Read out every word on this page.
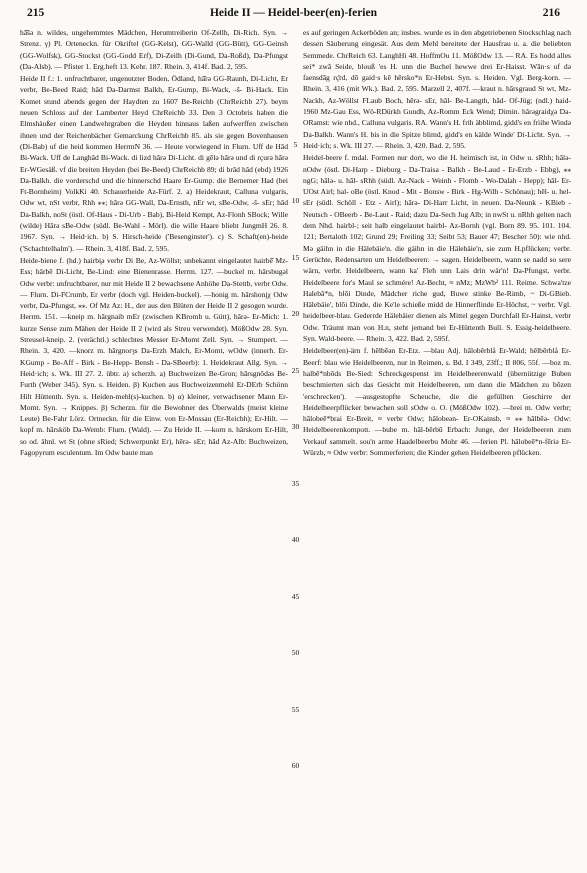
215	Heide II — Heidel-beer(en)-ferien	216

hā̆ŝə n. wildes, ungehemmtes Mädchen, Herumtreiberin Of-Zellh, Di-Rich. Syn. → Strenz. γ) Pl. Orteneckn. für Okriftel (GG-Kelst), GG-Walld (GG-Bütt), GG-Geinsh (GG-Wolfsk), GG-Stockst (GG-Godd Erf), Di-Zeilh (Di-Gund, Da-Roßd), Da-Pfungst (Da-Alsb). — Pfister 1. Erg.heft 13. Kehr. 187. Rhein. 3, 414f. Bad. 2, 595.

Heide II f.: 1. unfruchtbarer, ungenutzter Boden, Ödland, hā̆rə GG-Raunh, Di-Licht, Er verbr, Be-Beed Raid; hād Da-Darmst Balkh, Er-Gump, Bi-Wack, -ŝ- Bi-Hack. Ein Komet stund abends gegen der Haydten zu 1607 Be-Reichb (ChrReichb 27). beym neuen Schloss auf der Lamberter Heyd ChrReichb 33. Den 3 Octobris haben die Elmshäußer einen Landwehrgraben die Heyden hinnaus laßen aufwerffen zwischen ihnen und der Reichenbächer Gemarckung ChrReichb 85. als sie gegen Bovenhausen (Di-Bab) uf die heid kommen HerrmN 36. — Heute vorwiegend in Flurn. Uff de Hād Bi-Wack. Uff de Langhād Bi-Wack. di lizd hārə Di-Licht. di gēlə hārə und di rçurə hārə Er-WGesäß. vf die breiten Heyden (bei Be-Beed) ChrReichb 89; di brād hād (ebd) 1926 Da-Balkh. die vorderschd und die hinnerschd Haare Er-Gump. die Bernemer Had (bei Ft-Bornheim) VolkKi 40. Schauerheide Az-Fürf. 2. a) Heidekraut, Calluna vulgaris, Odw wt, nSt verbr, Rhh ⁎⁎; hārə GG-Wall, Da-Ernsth, nEr wt, sBe-Odw, -ŝ- sEr; hād Da-Balkh, noSt (östl. Of-Haus - Di-Urb - Bab), Bi-Heid Kempt, Az-Flonh SBock; Wille (wilde) Hārə sBe-Odw (südl. Be-Wahl - Mörl). die wille Haare blieht JungmH 26. 8. 1967. Syn. → Heid·ich. b) S. Hirsch-heide ('Besenginster'). c) S. Schaft(en)-heide ('Schachtelhalm'). — Rhein. 3, 418f. Bad. 2, 595.

Heide-biene f. (hd.) hairbi̯ə verbr Di Be, Az-Wöllst; unbekannt eingelautet hairbē̆ Mz-Ess; hārbē Di-Licht, Be-Lind: eine Bienenrasse. Herrm. 127. —buckel m. hārsbugəl Odw verbr: unfruchtbarer, nur mit Heide II 2 bewachsene Anhöhe Da-Stettb, verbr Odw. — Flurn. Di-FCrumb, Er verbr (doch vgl. Heiden-buckel). —honig m. hārshonįχ Odw verbr, Da-Pfungst, ⁎⁎. Of Mz Az: H., der aus den Blüten der Heide II 2 gesogen wurde. Herrm. 151. —kneip m. hārgnaib mEr (zwischen KBromb u. Gütt), hārə- Er-Mich: 1. kurze Sense zum Mähen der Heide II 2 (wird als Streu verwendet). MößOdw 28. Syn. Streusel-kneip. 2. (verächtl.) schlechtes Messer Er-Momt Zell. Syn. → Stumpert. — Rhein. 3, 420. —knorz m. hārgnorȝs Da-Erzh Malch, Er-Momt, wOdw (innerh. Er-KGump - Be-Aff - Birk - Be-Hepp- Bensh - Da-SBeerb): 1. Heidekraut Allg. Syn. → Heid·ich; s. Wk. III 27. 2. übtr. a) scherzh. a) Buchweizen Be-Gron; hārsgnōdəs Be-Furth (Weber 345). Syn. s. Heiden. β) Kuchen aus Buchweizenmehl Er-DErb Schönn Hilt Hüttenth. Syn. s. Heiden-mehl(s)-kuchen. b) α) kleiner, verwachsener Mann Er-Momt. Syn. → Knippes. β) Scherzn. für die Bewohner des Überwalds (meist kleine Leute) Be-Fahr Lörz. Ortneckn. für die Einw. von Er-Mossau (Er-Reichh); Er-Hilt. —kopf m. hārsköb Da-Wemb: Flurn. (Wald). — Zu Heide II. —korn n. hārskorn Er-Hilt, so od. ähnl. wt St (ohne sRied; Schwerpunkt Er), hērə- sEr; hād Az-Alb: Buchweizen, Fagopyrum esculentum. Im Odw baute man

5
10
15
20
25
30
35
40
45
50
55
60

es auf geringen Ackerböden an; insbes. wurde es in den abgetriebenen Stockschlag nach dessen Säuberung eingesät. Aus dem Mehl bereitete der Hausfrau u. a. die beliebten Semmede. ChrReich 63. LanghHi 48. HoffmOu 11. MößOdw 13. — RA. Es hodd alles sei* zwā Seide, blouß 'es H. unn die Buchel hewwe drei Er-Haisst. Wān·s uf də faensdāg rç̄rd, dō gaid·s kē hērsko*n Er-Hebst. Syn. s. Heiden. Vgl. Berg-korn. — Rhein. 3, 416 (mit Wk.). Bad. 2, 595. Marzell 2, 407f. —kraut n. hārsgraud St wt, Mz-Nackh, Az-Wöllst FLaub Boch, hērə- sEr, hāl- Be-Langth, hād- Of-Jüg; (ndl.) haid- 1960 Mz-Gau Ess, Wö-RDürkh Gundh, Az-Romm Eck Wend; Dimin. hārəgraidχə Da-ORamst: wie nhd., Calluna vulgaris. RA. Wann's H. frih äbblimd, gidd's en friihe Wində Da-Balkh. Wann's H. bis in die Spitze blimd, gidd's en kälde Winde' Di-Licht. Syn. → Heid·ich; s. Wk. III 27. — Rhein. 3, 420. Bad. 2, 595.

Heidel-beere f. mdal. Formen nur dort, wo die H. heimisch ist, in Odw u. sRhh; hālə- nOdw (östl. Di-Harp - Dieburg - Da-Traisa - Balkh - Be-Laud - Er-Erzb - Ebbg), ⁎⁎ ngG; hālə- u. hāl- sRhh (südl. Az-Nack - Weinh - Flomb - Wo-Dalah - Hepp); hāl- Er-UOst Airl; hal- oBe (östl. Knod - Mit - Bonsw - Birk - Hg-Wilh - Schönau); hēl- u. hel- sEr (südl. Schöll - Etz - Airl); hārə- Di-Harr Licht, in neuen. Da-Neunk - KBieb - Neutsch - OBeerb - Be-Laut - Raid; dazu Da-Sech Jug Alb; in nwSt u. nRhh gelten nach dem Nhd. hairbl-; seit halb eingelautet hairbl- Az-Bornh (vgl. Born 89. 95. 101. 104. 121; Bertaloth 102; Grund 29; Freiling 33; Seibt 53; Bauer 47; Bescher 50): wie nhd. Mə gäihn in die Hälebäie'n. die gäihn in die Hälebäie'n, sie zum H.pflücken; verbr. Gerüchte, Redensarten um Heidelbeeren: → sagen. Heidelbeern, wann se nadd so sere wärn, verbr. Heidelbeern, wann ka' Fleh unn Lais drin wär'n! Da-Pfungst, verbr. Heidelbeere for's Maul se schmére! Az-Becht, ≈ nMz; MzWb² 111. Reime. Schwa'tze Halebā*n, blōi Dinde, Mädcher riche gud, Buwe stinke Be-Rimb, ~ Di-GBieb. Hälebäie', blōi Dinde, die Ke'le schieße midd de Hinnerflinde Er-Höchst, ~ verbr. Vgl. heidelbeer-blau. Gederrde Hälebäier dienen als Mittel gegen Durchfall Er-Hainst, verbr Odw. Träumt man von H.n, steht jemand bei Er-Hüttenth Bull. S. Essig-heidelbeere. Syn. Wald-beere. — Rhein. 3, 422. Bad. 2, 595f.

Heidelbeer(en)-ärn f. hēlbēən Er-Etz. —blau Adj. hālobērblå Er-Wald; hēlbērblå Er-Beerf: blau wie Heidelbeeren, nur in Reimen, s. Bd. I 349, 23ff.; II 806, 55f. —boz m. halbē*nbōds Be-Sied: Schreckgespenst im Heidelbeerenwald (übernützige Buben beschmierten sich das Gesicht mit Heidelbeeren, um dann die Mädchen zu bōzen 'erschrecken'). —ausgestopfte Scheuche, die die gefüllten Geschirre der Heidelbeerpflücker bewachen soll sOdw o. O. (MößOdw 102). —brei m. Odw verbr; hālobeē*brai Er-Breit, ≈ verbr Odw; hālobeən- Er-OKainsb, ≈ ⁎⁎ hālbēə- Odw: Heidelbeerenkompott. —bube m. hāl-bērbū Erbach: Junge, der Heidelbeeren zum Verkauf sammelt. sou'n arme Haadelbeerbu Mohr 46. —ferien Pl. hālobeē*n-fēriə Er-Würzb, ≈ Odw verbr: Sommerferien; die Kinder gehen Heidelbeeren pflücken.
